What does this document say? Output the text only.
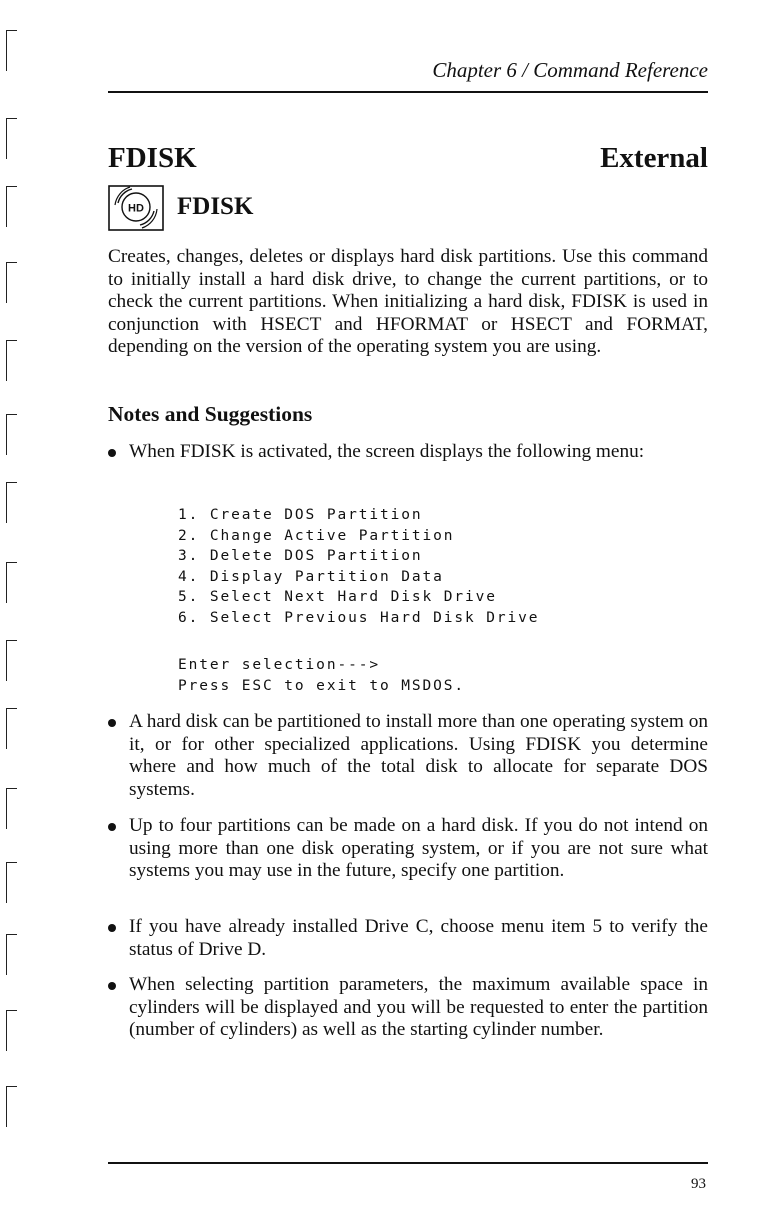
Chapter 6 / Command Reference
FDISK	External
HD FDISK

Creates, changes, deletes or displays hard disk partitions. Use this command to initially install a hard disk drive, to change the current partitions, or to check the current partitions. When initializing a hard disk, FDISK is used in conjunction with HSECT and HFORMAT or HSECT and FORMAT, depending on the version of the operating system you are using.

Notes and Suggestions

When FDISK is activated, the screen displays the following menu:

1. Create DOS Partition
2. Change Active Partition
3. Delete DOS Partition
4. Display Partition Data
5. Select Next Hard Disk Drive
6. Select Previous Hard Disk Drive
Enter selection--->
Press ESC to exit to MSDOS.

A hard disk can be partitioned to install more than one operating system on it, or for other specialized applications. Using FDISK you determine where and how much of the total disk to allocate for separate DOS systems.

Up to four partitions can be made on a hard disk. If you do not intend on using more than one disk operating system, or if you are not sure what systems you may use in the future, specify one partition.

If you have already installed Drive C, choose menu item 5 to verify the status of Drive D.

When selecting partition parameters, the maximum available space in cylinders will be displayed and you will be requested to enter the partition (number of cylinders) as well as the starting cylinder number.

93
